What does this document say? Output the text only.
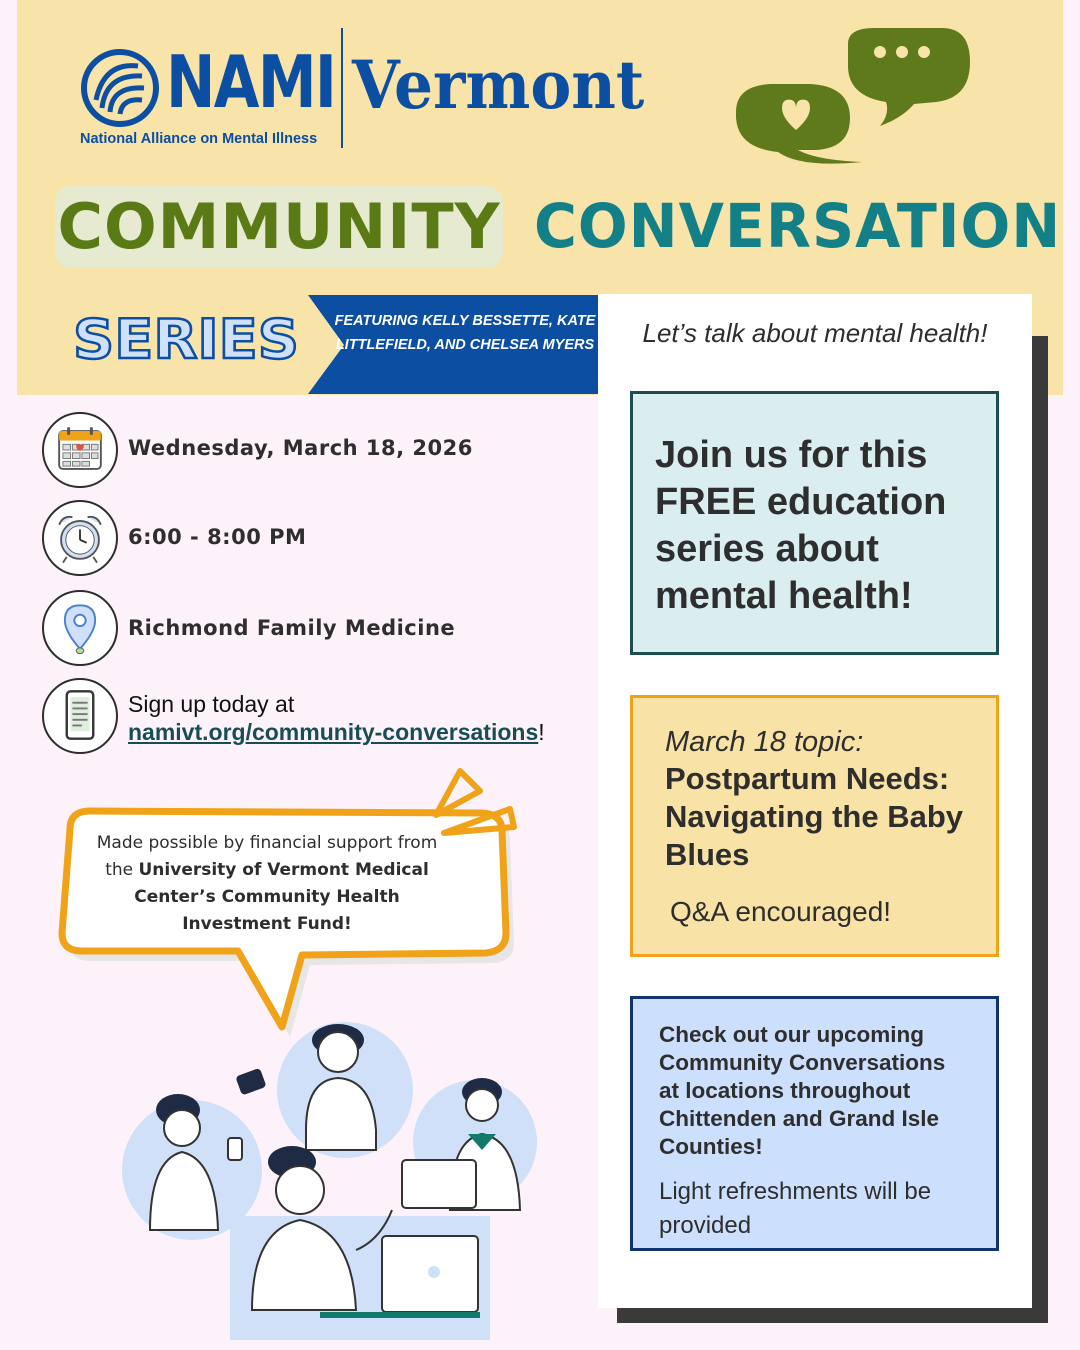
NAMI Vermont
National Alliance on Mental Illness
COMMUNITY CONVERSATION
SERIES	FEATURING KELLY BESSETTE, KATE LITTLEFIELD, AND CHELSEA MYERS	Let’s talk about mental health!

Join us for this FREE education series about mental health!

March 18 topic:
Postpartum Needs: Navigating the Baby Blues
Q&A encouraged!
Check out our upcoming Community Conversations at locations throughout Chittenden and Grand Isle Counties!
Light refreshments will be provided
Wednesday, March 18, 2026
6:00 - 8:00 PM
Richmond Family Medicine
Sign up today at
namivt.org/community-conversations!
Made possible by financial support from the University of Vermont Medical Center’s Community Health Investment Fund!
